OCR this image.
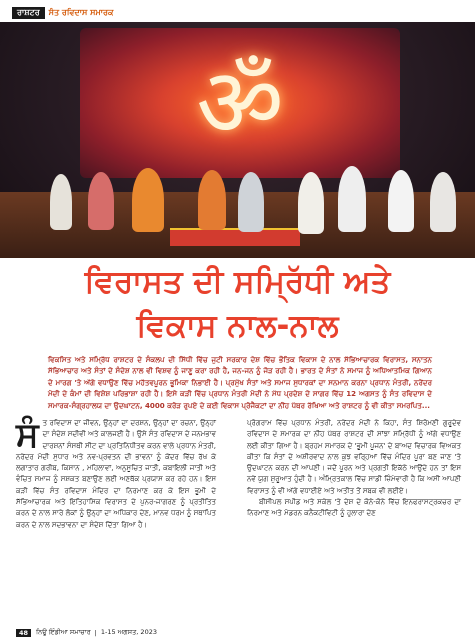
ਰਾਸ਼ਟਰ	ਸੰਤ ਰਵਿਦਾਸ ਸਮਾਰਕ
ॐ
ਵਿਰਾਸਤ ਦੀ ਸਮ੍ਰਿੱਧੀ ਅਤੇ
ਵਿਕਾਸ ਨਾਲ-ਨਾਲ
ਵਿਕਸਿਤ ਅਤੇ ਸਮ੍ਰਿੱਧ ਰਾਸ਼ਟਰ ਦੇ ਸੰਕਲਪ ਦੀ ਸਿੱਧੀ ਵਿੱਚ ਜੁਟੀ ਸਰਕਾਰ ਦੇਸ਼ ਵਿੱਚ ਭੌਤਿਕ ਵਿਕਾਸ ਦੇ ਨਾਲ ਸੱਭਿਆਚਾਰਕ ਵਿਰਾਸਤ, ਸਨਾਤਨ ਸੱਭਿਆਚਾਰ ਅਤੇ ਸੰਤਾਂ ਦੇ ਸੰਦੇਸ਼ ਨਾਲ ਵੀ ਵਿਸ਼ਵ ਨੂੰ ਜਾਣੂ ਕਰਾ ਰਹੀ ਹੈ, ਜਨ-ਜਨ ਨੂੰ ਜੋੜ ਰਹੀ ਹੈ। ਭਾਰਤ ਦੇ ਸੰਤਾਂ ਨੇ ਸਮਾਜ ਨੂੰ ਅਧਿਆਤਮਿਕ ਗਿਆਨ ਦੇ ਮਾਰਗ 'ਤੇ ਅੱਗੇ ਵਧਾਉਣ ਵਿੱਚ ਮਹੱਤਵਪੂਰਨ ਭੂਮਿਕਾ ਨਿਭਾਈ ਹੈ। ਪ੍ਰਮੁੱਖ ਸੰਤਾਂ ਅਤੇ ਸਮਾਜ ਸੁਧਾਰਕਾਂ ਦਾ ਸਨਮਾਨ ਕਰਨਾ ਪ੍ਰਧਾਨ ਮੰਤਰੀ, ਨਰੇਂਦਰ ਮੋਦੀ ਦੇ ਕੰਮਾਂ ਦੀ ਵਿਸ਼ੇਸ਼ ਪਰਿਭਾਸ਼ਾ ਰਹੀ ਹੈ। ਇਸੇ ਕੜੀ ਵਿੱਚ ਪ੍ਰਧਾਨ ਮੰਤਰੀ ਮੋਦੀ ਨੇ ਮੱਧ ਪ੍ਰਦੇਸ਼ ਦੇ ਸਾਗਰ ਵਿੱਚ 12 ਅਗਸਤ ਨੂੰ ਸੰਤ ਰਵਿਦਾਸ ਦੇ ਸਮਾਰਕ-ਸੰਗ੍ਰਹਾਲਯ ਦਾ ਉਦਘਾਟਨ, 4000 ਕਰੋੜ ਰੁਪਏ ਦੇ ਕਈ ਵਿਕਾਸ ਪ੍ਰੋਜੈਕਟਾਂ ਦਾ ਨੀਂਹ ਪੱਥਰ ਰੱਖਿਆ ਅਤੇ ਰਾਸ਼ਟਰ ਨੂੰ ਵੀ ਕੀਤਾ ਸਮਰਪਿਤ...
ਸੰ ਤ ਰਵਿਦਾਸ ਦਾ ਜੀਵਨ, ਉਨ੍ਹਾਂ ਦਾ ਦਰਸ਼ਨ, ਉਨ੍ਹਾਂ ਦਾ ਰਚਨਾ, ਉਨ੍ਹਾਂ ਦਾ ਸੰਦੇਸ਼ ਸਦੀਵੀ ਅਤੇ ਕਾਲਜਈ ਹੈ। ਉਸੇ ਸੰਤ ਰਵਿਦਾਸ ਦੇ ਜਨਮਭਾਵ ਦਾਰਸ਼ਨਾਂ ਸੰਸਥੀ ਸੀਟ ਦਾ ਪ੍ਰਤਿਨਿਧੀਤਵ ਕਰਨ ਵਾਲੇ ਪ੍ਰਧਾਨ ਮੰਤਰੀ, ਨਰੇਂਦਰ ਮੋਦੀ ਸੁਧਾਰ ਅਤੇ ਨਵ-ਪ੍ਰਵਤਨ ਦੀ ਭਾਵਨਾ ਨੂੰ ਕੇਂਦਰ ਵਿੱਚ ਰੱਖ ਕੇ ਲਗਾਤਾਰ ਗਰੀਬ, ਕਿਸਾਨ , ਮਹਿਲਾਵਾਂ, ਅਨੁਸੂਚਿਤ ਜਾਤੀ, ਕਬਾਇਲੀ ਜਾਤੀ ਅਤੇ ਵੰਚਿਤ ਸਮਾਜ ਨੂੰ ਸਸ਼ਕਤ ਬਣਾਉਣ ਲਈ ਅਣਥੱਕ ਪ੍ਰਯਾਸ ਕਰ ਰਹੇ ਹਨ। ਇਸ ਕੜੀ ਵਿੱਚ ਸੰਤ ਰਵਿਦਾਸ ਮੰਦਿਰ ਦਾ ਨਿਰਮਾਣ ਕਰ ਕੇ ਇਸ ਭੂਮੀ ਦੇ ਸੱਭਿਆਚਾਰਕ ਅਤੇ ਇਤਿਹਾਸਿਕ ਵਿਰਾਸਤ ਦੇ ਪੁਨਰ-ਜਾਗਰਣ ਨੂੰ ਪ੍ਰਤੀਤਿਤ ਕਰਨ ਦੇ ਨਾਲ ਸਾਰੇ ਲੋਕਾਂ ਨੂੰ ਉਨ੍ਹਾਂ ਦਾ ਅਧਿਕਾਰ ਦੇਣ, ਮਾਨਵ ਧਰਮ ਨੂੰ ਸਥਾਪਿਤ ਕਰਨ ਦੇ ਨਾਲ ਸਦਭਾਵਨਾ ਦਾ ਸੰਦੇਸ਼ ਦਿੱਤਾ ਗਿਆ ਹੈ।
ਪ੍ਰੋਗਰਾਮ ਵਿੱਚ ਪ੍ਰਧਾਨ ਮੰਤਰੀ, ਨਰੇਂਦਰ ਮੋਦੀ ਨੇ ਕਿਹਾ, ਸੰਤ ਸ਼ਿਰੋਮਣੀ ਗੁਰੂਦੇਵ ਰਵਿਦਾਸ ਦੇ ਸਮਾਰਕ ਦਾ ਨੀਂਹ ਪੱਥਰ ਰਾਸ਼ਟਰ ਦੀ ਸਾਂਝਾ ਸਮ੍ਰਿੱਧੀ ਨੂੰ ਅੱਗੇ ਵਧਾਉਣ ਲਈ ਕੀਤਾ ਗਿਆ ਹੈ। ਬ੍ਰਹਮ ਸਮਾਰਕ ਦੇ 'ਭੂਮੀ ਪੂਜਨ' ਦੇ ਬਾਅਦ ਵਿਚਾਰਕ ਵਿਅਕਤ ਕੀਤਾ ਕਿ ਸੰਤਾਂ ਦੇ ਅਸ਼ੀਰਵਾਦ ਨਾਲ ਕੁਝ ਵਰ੍ਹਿਆਂ ਵਿੱਚ ਮੰਦਿਰ ਪੂਰਾ ਬਣ ਜਾਣ 'ਤੇ ਉਦਘਾਟਨ ਕਰਨ ਦੀ ਆਪਣੀ। ਜਦੋਂ ਪੂਰਨ ਅਤੇ ਪ੍ਰਗਤੀ ਇਕੱਠੇ ਆਉਂਦੇ ਹਨ ਤਾਂ ਇਸ ਨਵੇਂ ਯੁਗ ਸ਼ੁਰੂਆਤ ਹੁੰਦੀ ਹੈ। ਅੰਮ੍ਰਿਤਕਾਲ ਵਿੱਚ ਸਾਡੀ ਜ਼ਿੰਮੇਵਾਰੀ ਹੈ ਕਿ ਅਸੀਂ ਆਪਣੀ ਵਿਰਾਸਤ ਨੂੰ ਵੀ ਅੱਗੇ ਵਧਾਈਏ ਅਤੇ ਅਤੀਤ ਤੋਂ ਸਬਕ ਵੀ ਲਈਏ।
ਬੀਸੀਪਲ ਸਪੀਡ ਅਤੇ ਸਕੇਲ 'ਤੇ ਦੇਸ਼ ਦੇ ਕੋਨੇ-ਕੋਨੇ ਵਿੱਚ ਇਨਫਰਾਸਟ੍ਰਕਚਰ ਦਾ ਨਿਰਮਾਣ ਅਤੇ ਮੋਡਰਨ ਕਨੈਕਟੀਵਿਟੀ ਨੂੰ ਹੁਲਾਰਾ ਦੇਣ
48	ਨਿਊ ਇੰਡੀਆ ਸਮਾਚਾਰ | 1-15 ਅਗਸਤ, 2023
